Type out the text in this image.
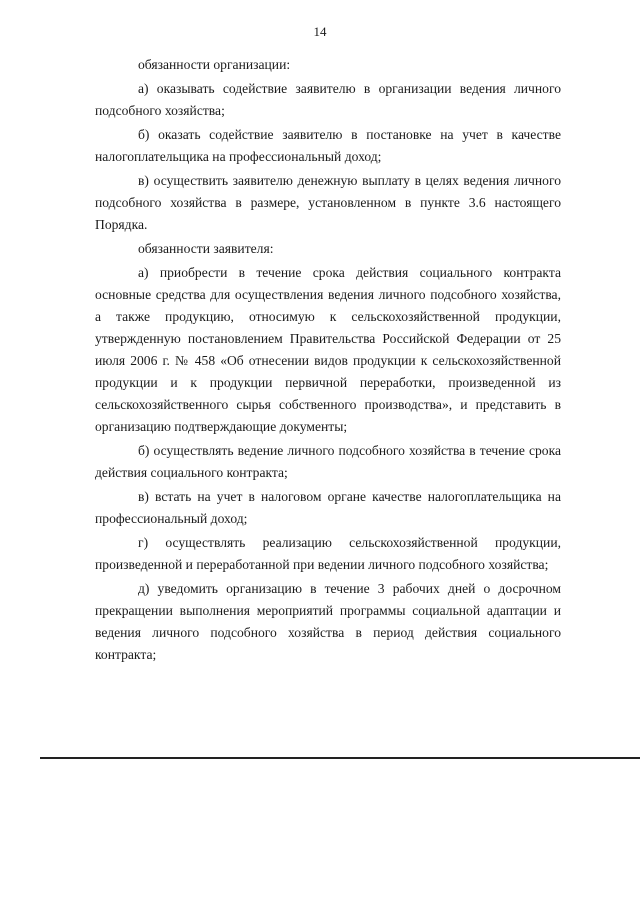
14

обязанности организации:

а) оказывать содействие заявителю в организации ведения личного подсобного хозяйства;

б) оказать содействие заявителю в постановке на учет в качестве налогоплательщика на профессиональный доход;

в) осуществить заявителю денежную выплату в целях ведения личного подсобного хозяйства в размере, установленном в пункте 3.6 настоящего Порядка.

обязанности заявителя:

а) приобрести в течение срока действия социального контракта основные средства для осуществления ведения личного подсобного хозяйства, а также продукцию, относимую к сельскохозяйственной продукции, утвержденную постановлением Правительства Российской Федерации от 25 июля 2006 г. № 458 «Об отнесении видов продукции к сельскохозяйственной продукции и к продукции первичной переработки, произведенной из сельскохозяйственного сырья собственного производства», и представить в организацию подтверждающие документы;

б) осуществлять ведение личного подсобного хозяйства в течение срока действия социального контракта;

в) встать на учет в налоговом органе качестве налогоплательщика на профессиональный доход;

г) осуществлять реализацию сельскохозяйственной продукции, произведенной и переработанной при ведении личного подсобного хозяйства;

д) уведомить организацию в течение 3 рабочих дней о досрочном прекращении выполнения мероприятий программы социальной адаптации и ведения личного подсобного хозяйства в период действия социального контракта;
